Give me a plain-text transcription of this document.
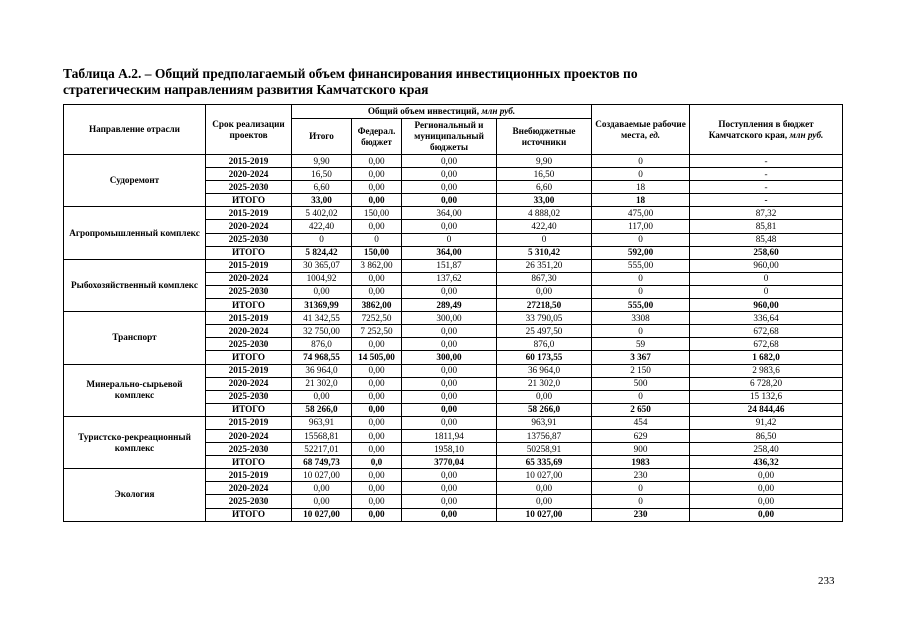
Таблица А.2. – Общий предполагаемый объем финансирования инвестиционных проектов по
стратегическим направлениям развития Камчатского края
Направление отрасли	Срок реализации проектов	Общий объем инвестиций, млн руб.				Создаваемые рабочие места, ед.	Поступления в бюджет Камчатского края, млн руб.
		Итого	Федерал. бюджет	Региональный и муниципальный бюджеты	Внебюджетные источники		
Судоремонт	2015-2019	9,90	0,00	0,00	9,90	0	-
	2020-2024	16,50	0,00	0,00	16,50	0	-
	2025-2030	6,60	0,00	0,00	6,60	18	-
	ИТОГО	33,00	0,00	0,00	33,00	18	-
Агропромышленный комплекс	2015-2019	5 402,02	150,00	364,00	4 888,02	475,00	87,32
	2020-2024	422,40	0,00	0,00	422,40	117,00	85,81
	2025-2030	0	0	0	0	0	85,48
	ИТОГО	5 824,42	150,00	364,00	5 310,42	592,00	258,60
Рыбохозяйственный комплекс	2015-2019	30 365,07	3 862,00	151,87	26 351,20	555,00	960,00
	2020-2024	1004,92	0,00	137,62	867,30	0	0
	2025-2030	0,00	0,00	0,00	0,00	0	0
	ИТОГО	31369,99	3862,00	289,49	27218,50	555,00	960,00
Транспорт	2015-2019	41 342,55	7252,50	300,00	33 790,05	3308	336,64
	2020-2024	32 750,00	7 252,50	0,00	25 497,50	0	672,68
	2025-2030	876,0	0,00	0,00	876,0	59	672,68
	ИТОГО	74 968,55	14 505,00	300,00	60 173,55	3 367	1 682,0
Минерально-сырьевой комплекс	2015-2019	36 964,0	0,00	0,00	36 964,0	2 150	2 983,6
	2020-2024	21 302,0	0,00	0,00	21 302,0	500	6 728,20
	2025-2030	0,00	0,00	0,00	0,00	0	15 132,6
	ИТОГО	58 266,0	0,00	0,00	58 266,0	2 650	24 844,46
Туристско-рекреационный комплекс	2015-2019	963,91	0,00	0,00	963,91	454	91,42
	2020-2024	15568,81	0,00	1811,94	13756,87	629	86,50
	2025-2030	52217,01	0,00	1958,10	50258,91	900	258,40
	ИТОГО	68 749,73	0,0	3770,04	65 335,69	1983	436,32
Экология	2015-2019	10 027,00	0,00	0,00	10 027,00	230	0,00
	2020-2024	0,00	0,00	0,00	0,00	0	0,00
	2025-2030	0,00	0,00	0,00	0,00	0	0,00
	ИТОГО	10 027,00	0,00	0,00	10 027,00	230	0,00
233
